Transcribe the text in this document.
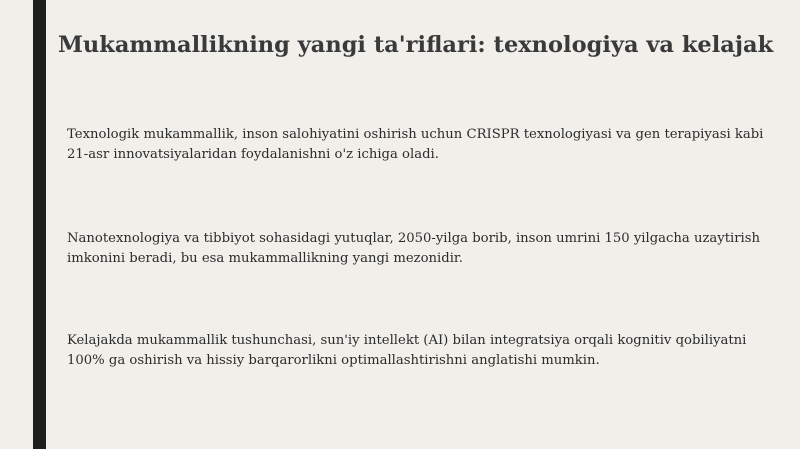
Mukammallikning yangi ta'riflari: texnologiya va kelajak

Texnologik mukammallik, inson salohiyatini oshirish uchun CRISPR texnologiyasi va gen terapiyasi kabi 21-asr innovatsiyalaridan foydalanishni o'z ichiga oladi.

Nanotexnologiya va tibbiyot sohasidagi yutuqlar, 2050-yilga borib, inson umrini 150 yilgacha uzaytirish imkonini beradi, bu esa mukammallikning yangi mezonidir.

Kelajakda mukammallik tushunchasi, sun'iy intellekt (AI) bilan integratsiya orqali kognitiv qobiliyatni 100% ga oshirish va hissiy barqarorlikni optimallashtirishni anglatishi mumkin.
